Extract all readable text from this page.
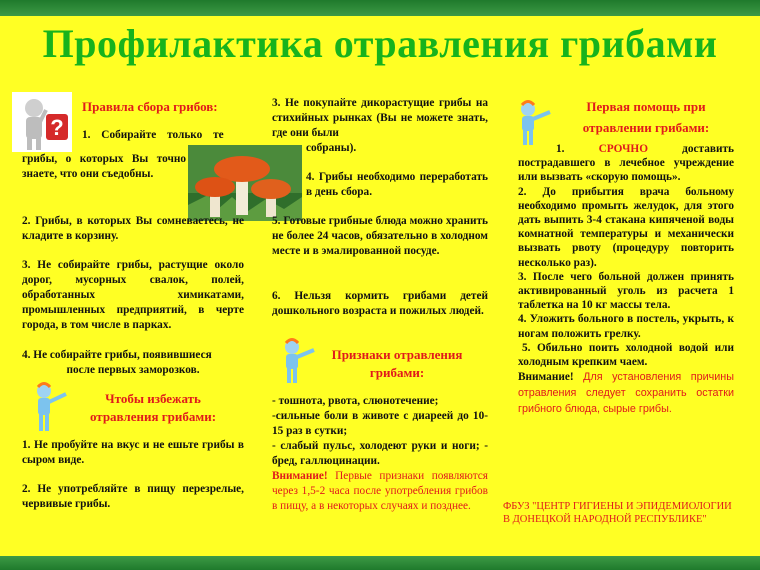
Профилактика отравления грибами
?
Правила сбора грибов:

1. Собирайте только те

грибы, о которых Вы точно знаете, что они съедобны.

2. Грибы, в которых Вы сомневаетесь, не кладите в корзину.

3. Не собирайте грибы, растущие около дорог, мусорных свалок, полей, обработанных химикатами, промышленных предприятий, в черте города, в том числе в парках.

4. Не собирайте грибы, появившиеся

после первых заморозков.

Чтобы избежать отравления грибами:

1. Не пробуйте на вкус и не ешьте грибы в сыром виде.

2. Не употребляйте в пищу перезрелые, червивые грибы.

3. Не покупайте дикорастущие грибы на стихийных рынках (Вы не можете знать, где они были

собраны).

4. Грибы необходимо переработать в день сбора.

5. Готовые грибные блюда можно хранить не более 24 часов, обязательно в холодном месте и в эмалированной посуде.

6. Нельзя кормить грибами детей дошкольного возраста и пожилых людей.

Признаки отравления грибами:

- тошнота, рвота, слюнотечение;

-сильные боли в животе с диареей до 10-15 раз в сутки;

- слабый пульс, холодеют руки и ноги; - бред, галлюцинации.

Внимание! Первые признаки появляются через 1,5-2 часа после употребления грибов в пищу, а в некоторых случаях и позднее.

Первая помощь при отравлении грибами:

1. СРОЧНО доставить пострадавшего в лечебное учреждение или вызвать «скорую помощь».

2. До прибытия врача больному необходимо промыть желудок, для этого дать выпить 3-4 стакана кипяченой воды комнатной температуры и механически вызвать рвоту (процедуру повторить несколько раз).

3. После чего больной должен принять активированный уголь из расчета 1 таблетка на 10 кг массы тела.

4. Уложить больного в постель, укрыть, к ногам положить грелку.

5. Обильно поить холодной водой или холодным крепким чаем.

Внимание! Для установления причины отравления следует сохранить остатки грибного блюда, сырые грибы.

ФБУЗ "ЦЕНТР ГИГИЕНЫ И ЭПИДЕМИОЛОГИИ В ДОНЕЦКОЙ НАРОДНОЙ РЕСПУБЛИКЕ"
